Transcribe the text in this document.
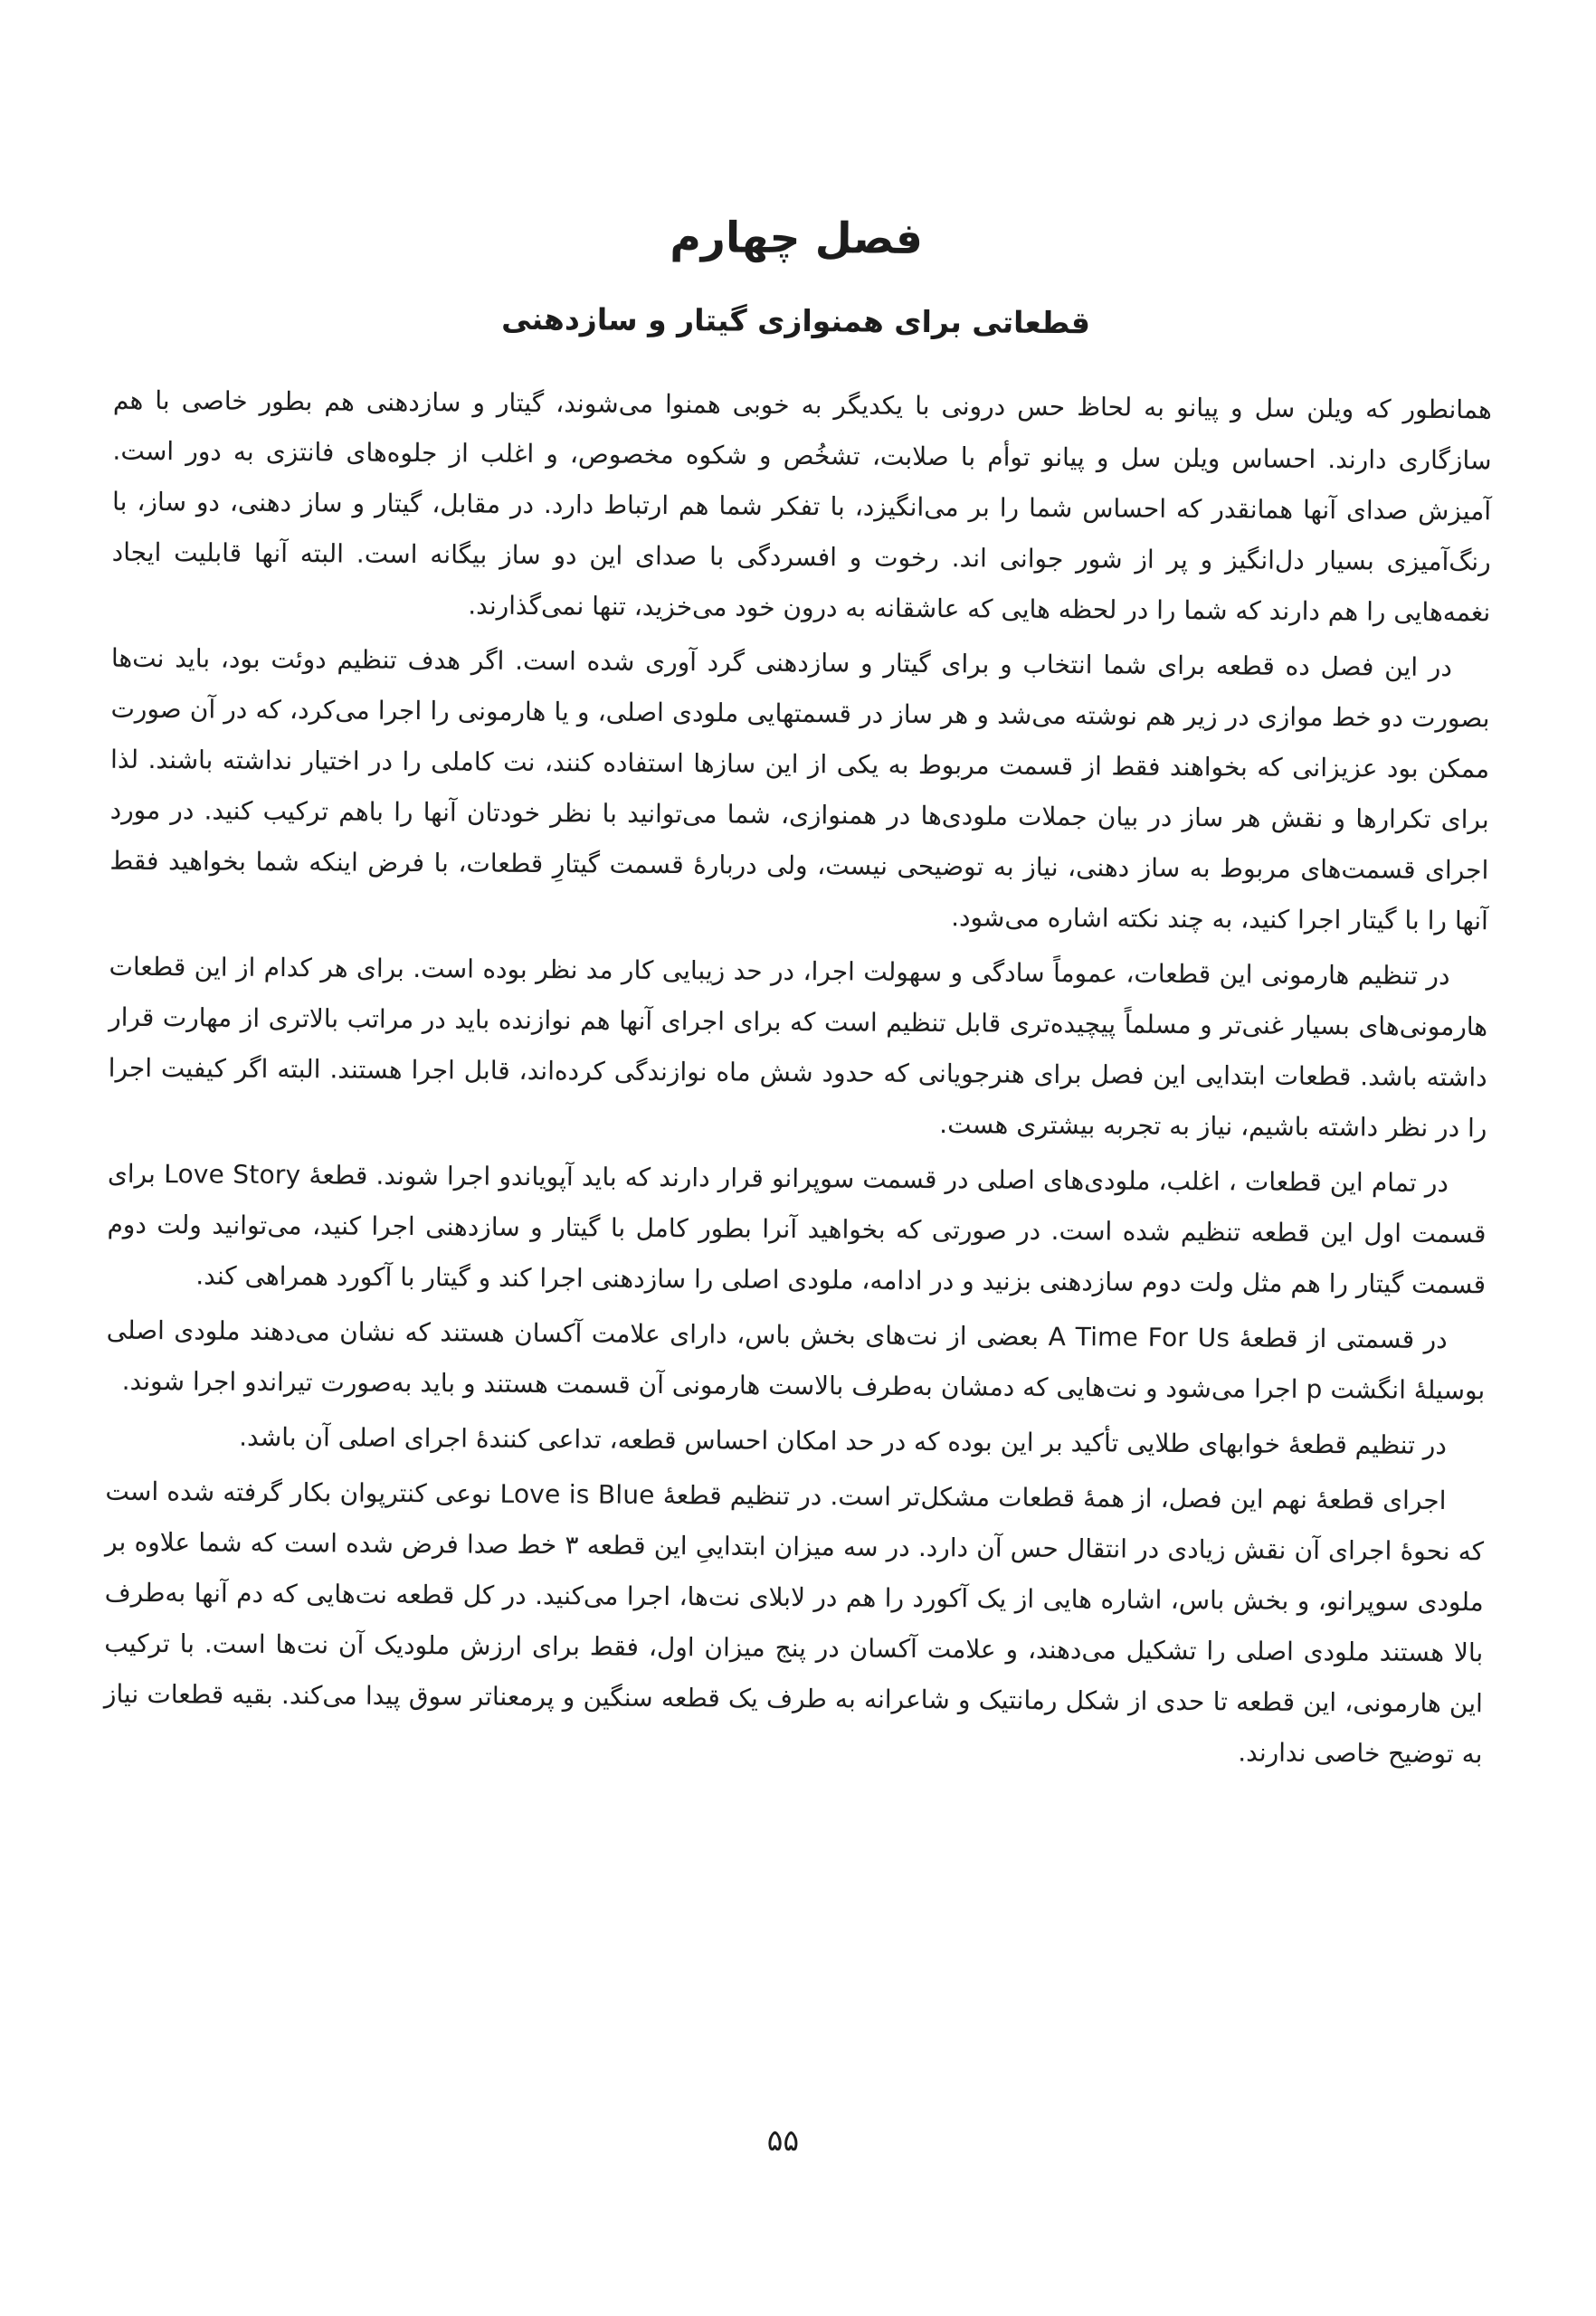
فصل چهارم
قطعاتی برای همنوازی گیتار و سازدهنی

همانطور که ویلن سل و پیانو به لحاظ حس درونی با یکدیگر به خوبی همنوا می‌شوند، گیتار و سازدهنی هم بطور خاصی با هم سازگاری دارند. احساس ویلن سل و پیانو توأم با صلابت، تشخُص و شکوه مخصوص، و اغلب از جلوه‌های فانتزی به دور است. آمیزش صدای آنها همانقدر که احساس شما را بر می‌انگیزد، با تفکر شما هم ارتباط دارد. در مقابل، گیتار و ساز دهنی، دو ساز، با رنگ‌آمیزی بسیار دل‌انگیز و پر از شور جوانی اند. رخوت و افسردگی با صدای این دو ساز بیگانه است. البته آنها قابلیت ایجاد نغمه‌هایی را هم دارند که شما را در لحظه هایی که عاشقانه به درون خود می‌خزید، تنها نمی‌گذارند.

در این فصل ده قطعه برای شما انتخاب و برای گیتار و سازدهنی گرد آوری شده است. اگر هدف تنظیم دوئت بود، باید نت‌ها بصورت دو خط موازی در زیر هم نوشته می‌شد و هر ساز در قسمتهایی ملودی اصلی، و یا هارمونی را اجرا می‌کرد، که در آن صورت ممکن بود عزیزانی که بخواهند فقط از قسمت مربوط به یکی از این سازها استفاده کنند، نت کاملی را در اختیار نداشته باشند. لذا برای تکرارها و نقش هر ساز در بیان جملات ملودی‌ها در همنوازی، شما می‌توانید با نظر خودتان آنها را باهم ترکیب کنید. در مورد اجرای قسمت‌های مربوط به ساز دهنی، نیاز به توضیحی نیست، ولی دربارهٔ قسمت گیتارِ قطعات، با فرض اینکه شما بخواهید فقط آنها را با گیتار اجرا کنید، به چند نکته اشاره می‌شود.

در تنظیم هارمونی این قطعات، عموماً سادگی و سهولت اجرا، در حد زیبایی کار مد نظر بوده است. برای هر کدام از این قطعات هارمونی‌های بسیار غنی‌تر و مسلماً پیچیده‌تری قابل تنظیم است که برای اجرای آنها هم نوازنده باید در مراتب بالاتری از مهارت قرار داشته باشد. قطعات ابتدایی این فصل برای هنرجویانی که حدود شش ماه نوازندگی کرده‌اند، قابل اجرا هستند. البته اگر کیفیت اجرا را در نظر داشته باشیم، نیاز به تجربه بیشتری هست.

در تمام این قطعات ، اغلب، ملودی‌های اصلی در قسمت سوپرانو قرار دارند که باید آپویاندو اجرا شوند. قطعهٔ Love Story برای قسمت اول این قطعه تنظیم شده است. در صورتی که بخواهید آنرا بطور کامل با گیتار و سازدهنی اجرا کنید، می‌توانید ولت دوم قسمت گیتار را هم مثل ولت دوم سازدهنی بزنید و در ادامه، ملودی اصلی را سازدهنی اجرا کند و گیتار با آکورد همراهی کند.

در قسمتی از قطعهٔ A Time For Us بعضی از نت‌های بخش باس، دارای علامت آکسان هستند که نشان می‌دهند ملودی اصلی بوسیلهٔ انگشت p اجرا می‌شود و نت‌هایی که دمشان به‌طرف بالاست هارمونی آن قسمت هستند و باید به‌صورت تیراندو اجرا شوند.

در تنظیم قطعهٔ خوابهای طلایی تأکید بر این بوده که در حد امکان احساس قطعه، تداعی کنندهٔ اجرای اصلی آن باشد.

اجرای قطعهٔ نهم این فصل، از همهٔ قطعات مشکل‌تر است. در تنظیم قطعهٔ Love is Blue نوعی کنترپوان بکار گرفته شده است که نحوهٔ اجرای آن نقش زیادی در انتقال حس آن دارد. در سه میزان ابتداییِ این قطعه ۳ خط صدا فرض شده است که شما علاوه بر ملودی سوپرانو، و بخش باس، اشاره هایی از یک آکورد را هم در لابلای نت‌ها، اجرا می‌کنید. در کل قطعه نت‌هایی که دم آنها به‌طرف بالا هستند ملودی اصلی را تشکیل می‌دهند، و علامت آکسان در پنج میزان اول، فقط برای ارزش ملودیک آن نت‌ها است. با ترکیب این هارمونی، این قطعه تا حدی از شکل رمانتیک و شاعرانه به طرف یک قطعه سنگین و پرمعناتر سوق پیدا می‌کند. بقیه قطعات نیاز به توضیح خاصی ندارند.

۵۵
